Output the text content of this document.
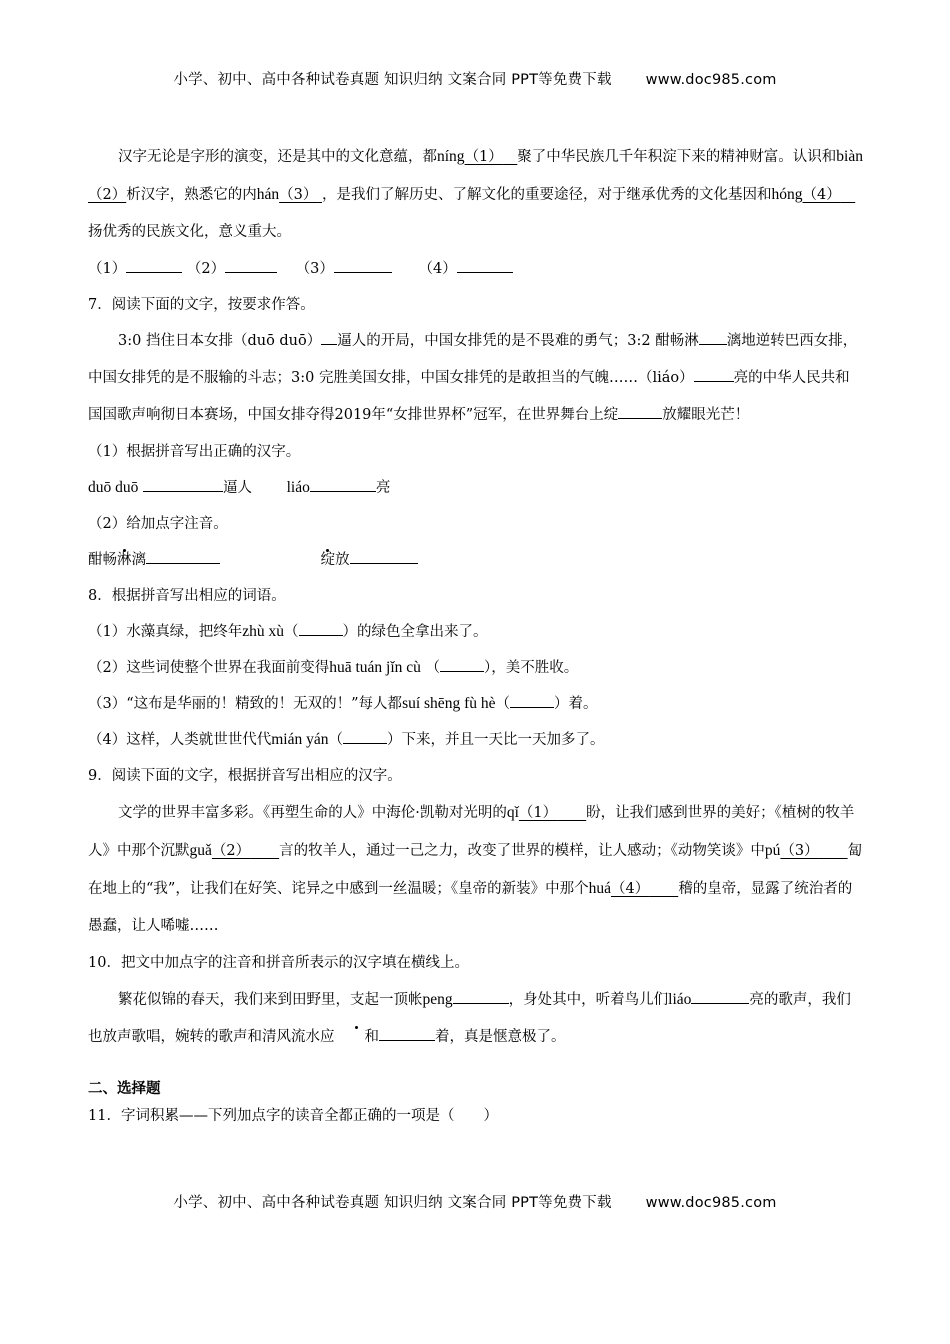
小学、初中、高中各种试卷真题 知识归纳 文案合同 PPT等免费下载 www.doc985.com

汉字无论是字形的演变，还是其中的文化意蕴，都níng（1）  聚了中华民族几千年积淀下来的精神财富。认识和biàn（2）析汉字，熟悉它的内hán（3） ，是我们了解历史、了解文化的重要途径，对于继承优秀的文化基因和hóng（4） 扬优秀的民族文化，意义重大。

（1）	（2）	（3）	（4）

7．阅读下面的文字，按要求作答。

3:0 挡住日本女排（duō duō） 逼人的开局，中国女排凭的是不畏难的勇气；3:2 酣畅淋 漓地逆转巴西女排，中国女排凭的是不服输的斗志；3:0 完胜美国女排，中国女排凭的是敢担当的气魄……（liáo）	亮的中华人民共和国国歌声响彻日本赛场，中国女排夺得2019年“女排世界杯”冠军，在世界舞台上绽	放耀眼光芒！

（1）根据拼音写出正确的汉字。

duō duō	逼人 liáo	亮

（2）给加点字注音。

酣畅淋漓	绽放

8．根据拼音写出相应的词语。

（1）水藻真绿，把终年zhù xù（	）的绿色全拿出来了。

（2）这些词使整个世界在我面前变得huā tuán jǐn cù （	），美不胜收。

（3）“这布是华丽的！精致的！无双的！”每人都suí shēng fù hè（	）着。

（4）这样，人类就世世代代mián yán（	）下来，并且一天比一天加多了。

9．阅读下面的文字，根据拼音写出相应的汉字。

文学的世界丰富多彩。《再塑生命的人》中海伦·凯勒对光明的qǐ（1）   盼，让我们感到世界的美好；《植树的牧羊人》中那个沉默guǎ（2）   言的牧羊人，通过一己之力，改变了世界的模样，让人感动；《动物笑谈》中pú（3）   匐在地上的“我”，让我们在好笑、诧异之中感到一丝温暖；《皇帝的新装》中那个huá（4）   稽的皇帝，显露了统治者的愚蠢，让人唏嘘……

10．把文中加点字的注音和拼音所表示的汉字填在横线上。

繁花似锦的春天，我们来到田野里，支起一顶帐peng	，身处其中，听着鸟儿们liáo	亮的歌声，我们也放声歌唱，婉转的歌声和清风流水应 和	着，真是惬意极了。

二、选择题

11．字词积累——下列加点字的读音全都正确的一项是（　　）

小学、初中、高中各种试卷真题 知识归纳 文案合同 PPT等免费下载 www.doc985.com
